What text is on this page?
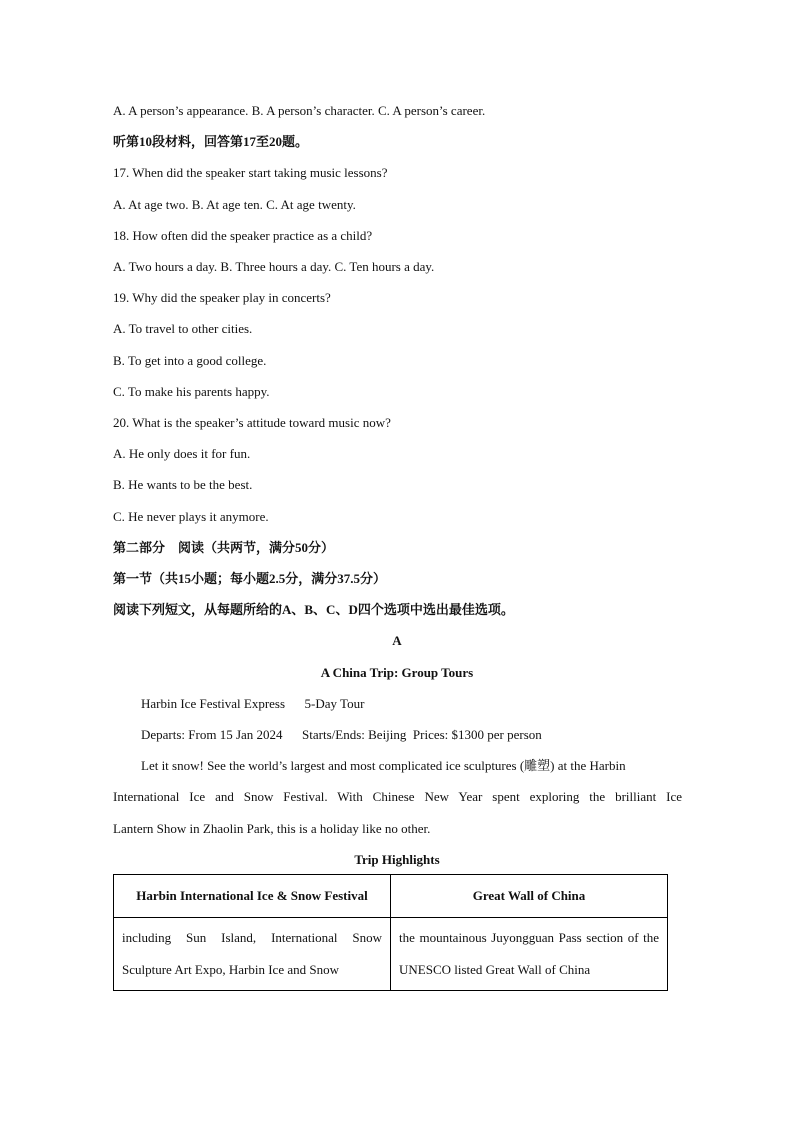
A. A person’s appearance. B. A person’s character. C. A person’s career.
听第10段材料，回答第17至20题。
17. When did the speaker start taking music lessons?
A. At age two. B. At age ten. C. At age twenty.
18. How often did the speaker practice as a child?
A. Two hours a day. B. Three hours a day. C. Ten hours a day.
19. Why did the speaker play in concerts?
A. To travel to other cities.
B. To get into a good college.
C. To make his parents happy.
20. What is the speaker’s attitude toward music now?
A. He only does it for fun.
B. He wants to be the best.
C. He never plays it anymore.
第二部分　阅读（共两节，满分50分）
第一节（共15小题；每小题2.5分，满分37.5分）
阅读下列短文，从每题所给的A、B、C、D四个选项中选出最佳选项。
A
A China Trip: Group Tours
Harbin Ice Festival Express      5-Day Tour
Departs: From 15 Jan 2024      Starts/Ends: Beijing  Prices: $1300 per person
Let it snow! See the world’s largest and most complicated ice sculptures (雕塑) at the Harbin
International Ice and Snow Festival. With Chinese New Year spent exploring the brilliant Ice
Lantern Show in Zhaolin Park, this is a holiday like no other.
Trip Highlights
Harbin International Ice & Snow Festival	Great Wall of China
including Sun Island, International Snow Sculpture Art Expo, Harbin Ice and Snow	the mountainous Juyongguan Pass section of the UNESCO listed Great Wall of China
